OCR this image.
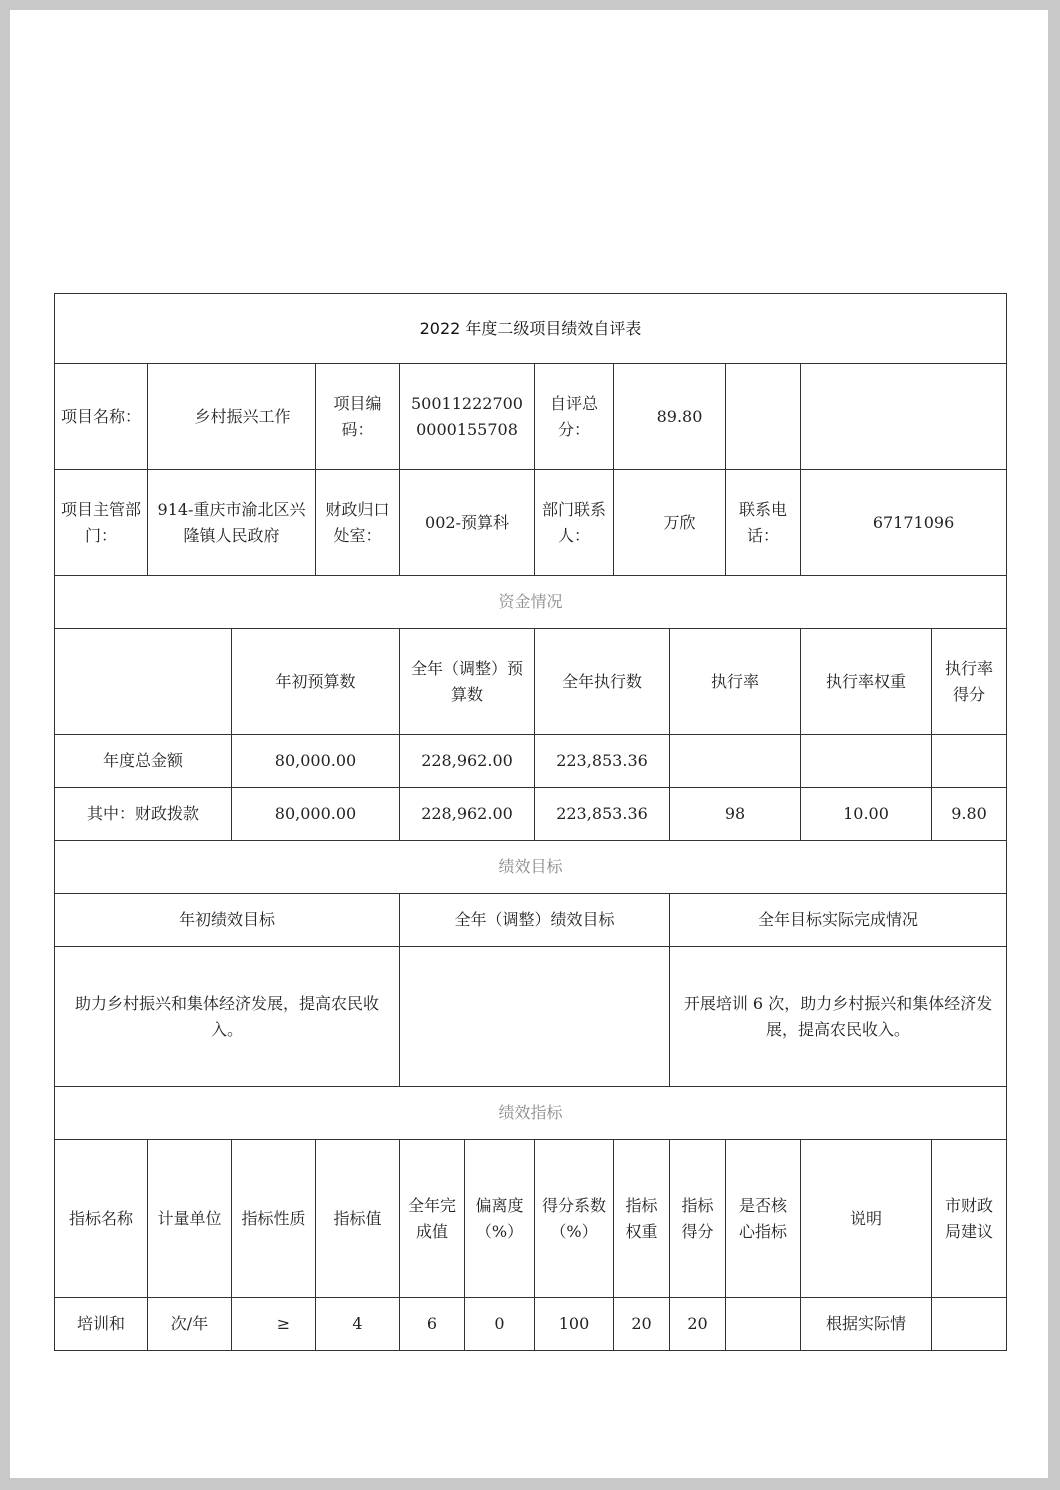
2022 年度二级项目绩效自评表											
项目名称：	乡村振兴工作		项目编码：	500112227000000155708		自评总分：	89.80				
项目主管部门：	914-重庆市渝北区兴隆镇人民政府		财政归口处室：	002-预算科		部门联系人：	万欣		联系电话：	67171096	
资金情况											
		年初预算数		全年（调整）预算数		全年执行数		执行率		执行率权重	执行率得分
年度总金额		80,000.00		228,962.00		223,853.36					
其中：财政拨款		80,000.00		228,962.00		223,853.36		98		10.00	9.80
绩效目标											
年初绩效目标				全年（调整）绩效目标				全年目标实际完成情况			
助力乡村振兴和集体经济发展，提高农民收入。								开展培训 6 次，助力乡村振兴和集体经济发展，提高农民收入。			
绩效指标											
指标名称	计量单位	指标性质	指标值	全年完成值	偏离度（%）	得分系数（%）	指标权重	指标得分	是否核心指标	说明	市财政局建议
培训和	次/年	≥	4	6	0	100	20	20		根据实际情	
